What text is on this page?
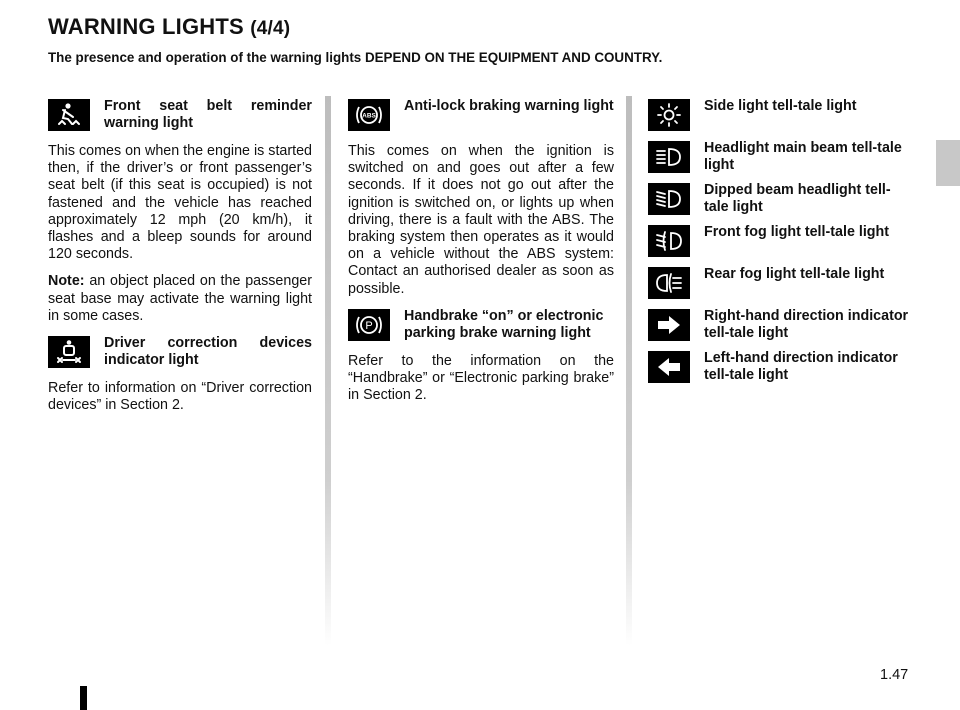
WARNING LIGHTS (4/4)
The presence and operation of the warning lights DEPEND ON THE EQUIPMENT AND COUNTRY.
Front seat belt reminder warning light

This comes on when the engine is started then, if the driver’s or front passenger’s seat belt (if this seat is occupied) is not fastened and the vehicle has reached approximately 12 mph (20 km/h), it flashes and a bleep sounds for around 120 seconds.

Note: an object placed on the passenger seat base may activate the warning light in some cases.

Driver correction devices indicator light

Refer to information on “Driver correction devices” in Section 2.

ABS
Anti-lock braking warning light

This comes on when the ignition is switched on and goes out after a few seconds. If it does not go out after the ignition is switched on, or lights up when driving, there is a fault with the ABS. The braking system then operates as it would on a vehicle without the ABS system: Contact an authorised dealer as soon as possible.

P
Handbrake “on” or electronic parking brake warning light

Refer to the information on the “Handbrake” or “Electronic parking brake” in Section 2.

Side light tell-tale light
Headlight main beam tell-tale light
Dipped beam headlight tell-tale light
Front fog light tell-tale light
Rear fog light tell-tale light
Right-hand direction indicator tell-tale light
Left-hand direction indicator tell-tale light
1.47
